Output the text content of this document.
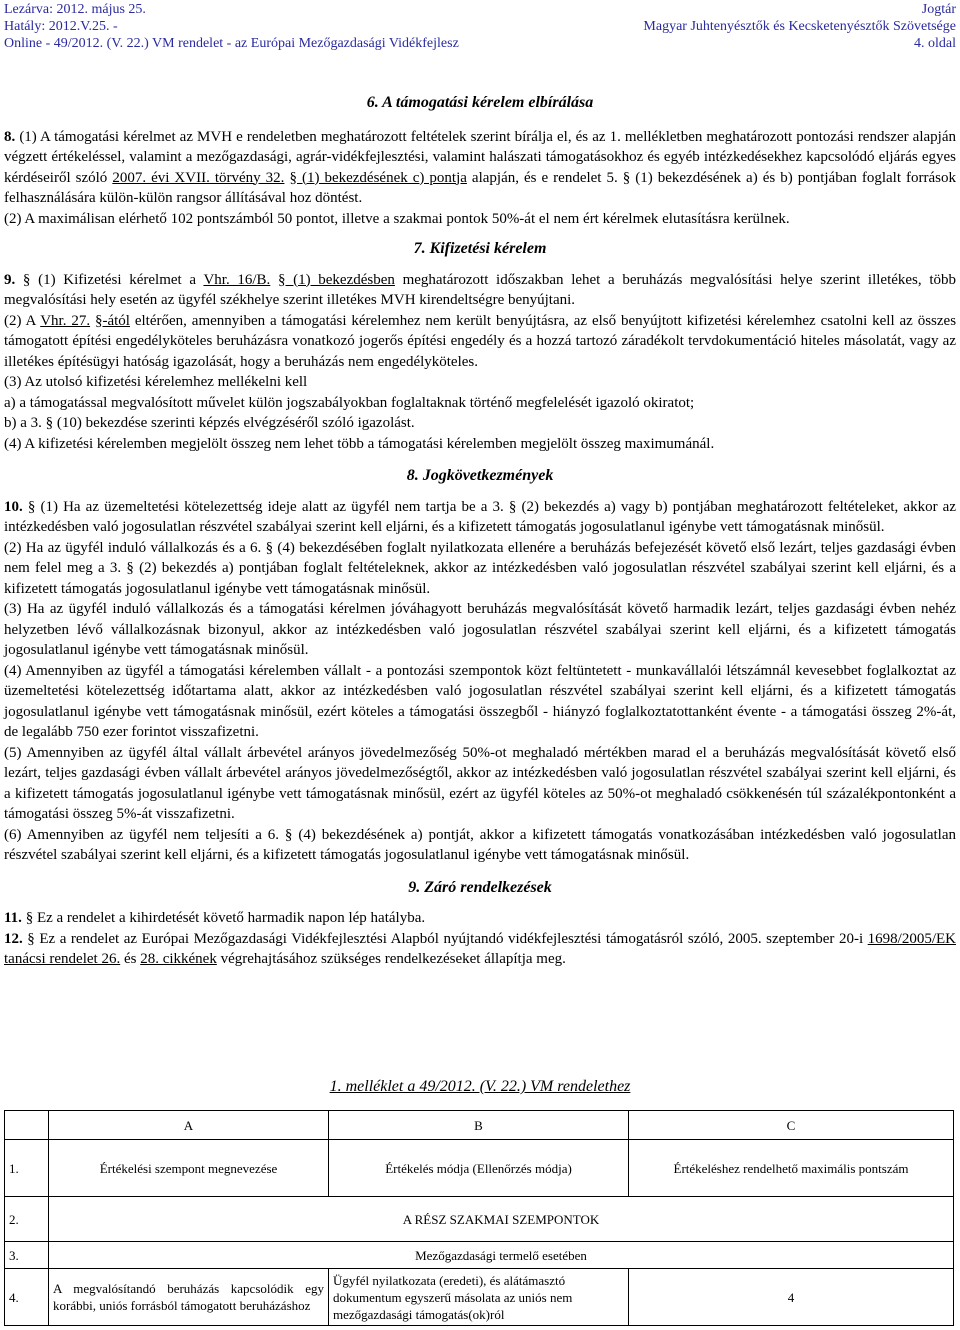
Lezárva: 2012. május 25.
Hatály: 2012.V.25. -
Online - 49/2012. (V. 22.) VM rendelet - az Európai Mezőgazdasági Vidékfejlesz
Jogtár
Magyar Juhtenyésztők és Kecsketenyésztők Szövetsége
4. oldal

6. A támogatási kérelem elbírálása

8. (1) A támogatási kérelmet az MVH e rendeletben meghatározott feltételek szerint bírálja el, és az 1. mellékletben meghatározott pontozási rendszer alapján végzett értékeléssel, valamint a mezőgazdasági, agrár-vidékfejlesztési, valamint halászati támogatásokhoz és egyéb intézkedésekhez kapcsolódó eljárás egyes kérdéseiről szóló 2007. évi XVII. törvény 32. § (1) bekezdésének c) pontja alapján, és e rendelet 5. § (1) bekezdésének a) és b) pontjában foglalt források felhasználására külön-külön rangsor állításával hoz döntést.

(2) A maximálisan elérhető 102 pontszámból 50 pontot, illetve a szakmai pontok 50%-át el nem ért kérelmek elutasításra kerülnek.

7. Kifizetési kérelem

9. § (1) Kifizetési kérelmet a Vhr. 16/B. § (1) bekezdésben meghatározott időszakban lehet a beruházás megvalósítási helye szerint illetékes, több megvalósítási hely esetén az ügyfél székhelye szerint illetékes MVH kirendeltségre benyújtani.

(2) A Vhr. 27. §-ától eltérően, amennyiben a támogatási kérelemhez nem került benyújtásra, az első benyújtott kifizetési kérelemhez csatolni kell az összes támogatott építési engedélyköteles beruházásra vonatkozó jogerős építési engedély és a hozzá tartozó záradékolt tervdokumentáció hiteles másolatát, vagy az illetékes építésügyi hatóság igazolását, hogy a beruházás nem engedélyköteles.

(3) Az utolsó kifizetési kérelemhez mellékelni kell

a) a támogatással megvalósított művelet külön jogszabályokban foglaltaknak történő megfelelését igazoló okiratot;

b) a 3. § (10) bekezdése szerinti képzés elvégzéséről szóló igazolást.

(4) A kifizetési kérelemben megjelölt összeg nem lehet több a támogatási kérelemben megjelölt összeg maximumánál.

8. Jogkövetkezmények

10. § (1) Ha az üzemeltetési kötelezettség ideje alatt az ügyfél nem tartja be a 3. § (2) bekezdés a) vagy b) pontjában meghatározott feltételeket, akkor az intézkedésben való jogosulatlan részvétel szabályai szerint kell eljárni, és a kifizetett támogatás jogosulatlanul igénybe vett támogatásnak minősül.

(2) Ha az ügyfél induló vállalkozás és a 6. § (4) bekezdésében foglalt nyilatkozata ellenére a beruházás befejezését követő első lezárt, teljes gazdasági évben nem felel meg a 3. § (2) bekezdés a) pontjában foglalt feltételeknek, akkor az intézkedésben való jogosulatlan részvétel szabályai szerint kell eljárni, és a kifizetett támogatás jogosulatlanul igénybe vett támogatásnak minősül.

(3) Ha az ügyfél induló vállalkozás és a támogatási kérelmen jóváhagyott beruházás megvalósítását követő harmadik lezárt, teljes gazdasági évben nehéz helyzetben lévő vállalkozásnak bizonyul, akkor az intézkedésben való jogosulatlan részvétel szabályai szerint kell eljárni, és a kifizetett támogatás jogosulatlanul igénybe vett támogatásnak minősül.

(4) Amennyiben az ügyfél a támogatási kérelemben vállalt - a pontozási szempontok közt feltüntetett - munkavállalói létszámnál kevesebbet foglalkoztat az üzemeltetési kötelezettség időtartama alatt, akkor az intézkedésben való jogosulatlan részvétel szabályai szerint kell eljárni, és a kifizetett támogatás jogosulatlanul igénybe vett támogatásnak minősül, ezért köteles a támogatási összegből - hiányzó foglalkoztatottanként évente - a támogatási összeg 2%-át, de legalább 750 ezer forintot visszafizetni.

(5) Amennyiben az ügyfél által vállalt árbevétel arányos jövedelmezőség 50%-ot meghaladó mértékben marad el a beruházás megvalósítását követő első lezárt, teljes gazdasági évben vállalt árbevétel arányos jövedelmezőségtől, akkor az intézkedésben való jogosulatlan részvétel szabályai szerint kell eljárni, és a kifizetett támogatás jogosulatlanul igénybe vett támogatásnak minősül, ezért az ügyfél köteles az 50%-ot meghaladó csökkenésén túl százalékpontonként a támogatási összeg 5%-át visszafizetni.

(6) Amennyiben az ügyfél nem teljesíti a 6. § (4) bekezdésének a) pontját, akkor a kifizetett támogatás vonatkozásában intézkedésben való jogosulatlan részvétel szabályai szerint kell eljárni, és a kifizetett támogatás jogosulatlanul igénybe vett támogatásnak minősül.

9. Záró rendelkezések

11. § Ez a rendelet a kihirdetését követő harmadik napon lép hatályba.

12. § Ez a rendelet az Európai Mezőgazdasági Vidékfejlesztési Alapból nyújtandó vidékfejlesztési támogatásról szóló, 2005. szeptember 20-i 1698/2005/EK tanácsi rendelet 26. és 28. cikkének végrehajtásához szükséges rendelkezéseket állapítja meg.

1. melléklet a 49/2012. (V. 22.) VM rendelethez
	A	B	C
1.	Értékelési szempont megnevezése	Értékelés módja (Ellenőrzés módja)	Értékeléshez rendelhető maximális pontszám
2.	A RÉSZ SZAKMAI SZEMPONTOK		
3.	Mezőgazdasági termelő esetében		
4.	A megvalósítandó beruházás kapcsolódik egy korábbi, uniós forrásból támogatott beruházáshoz	Ügyfél nyilatkozata (eredeti), és alátámasztó dokumentum egyszerű másolata az uniós nem mezőgazdasági támogatás(ok)ról	4
